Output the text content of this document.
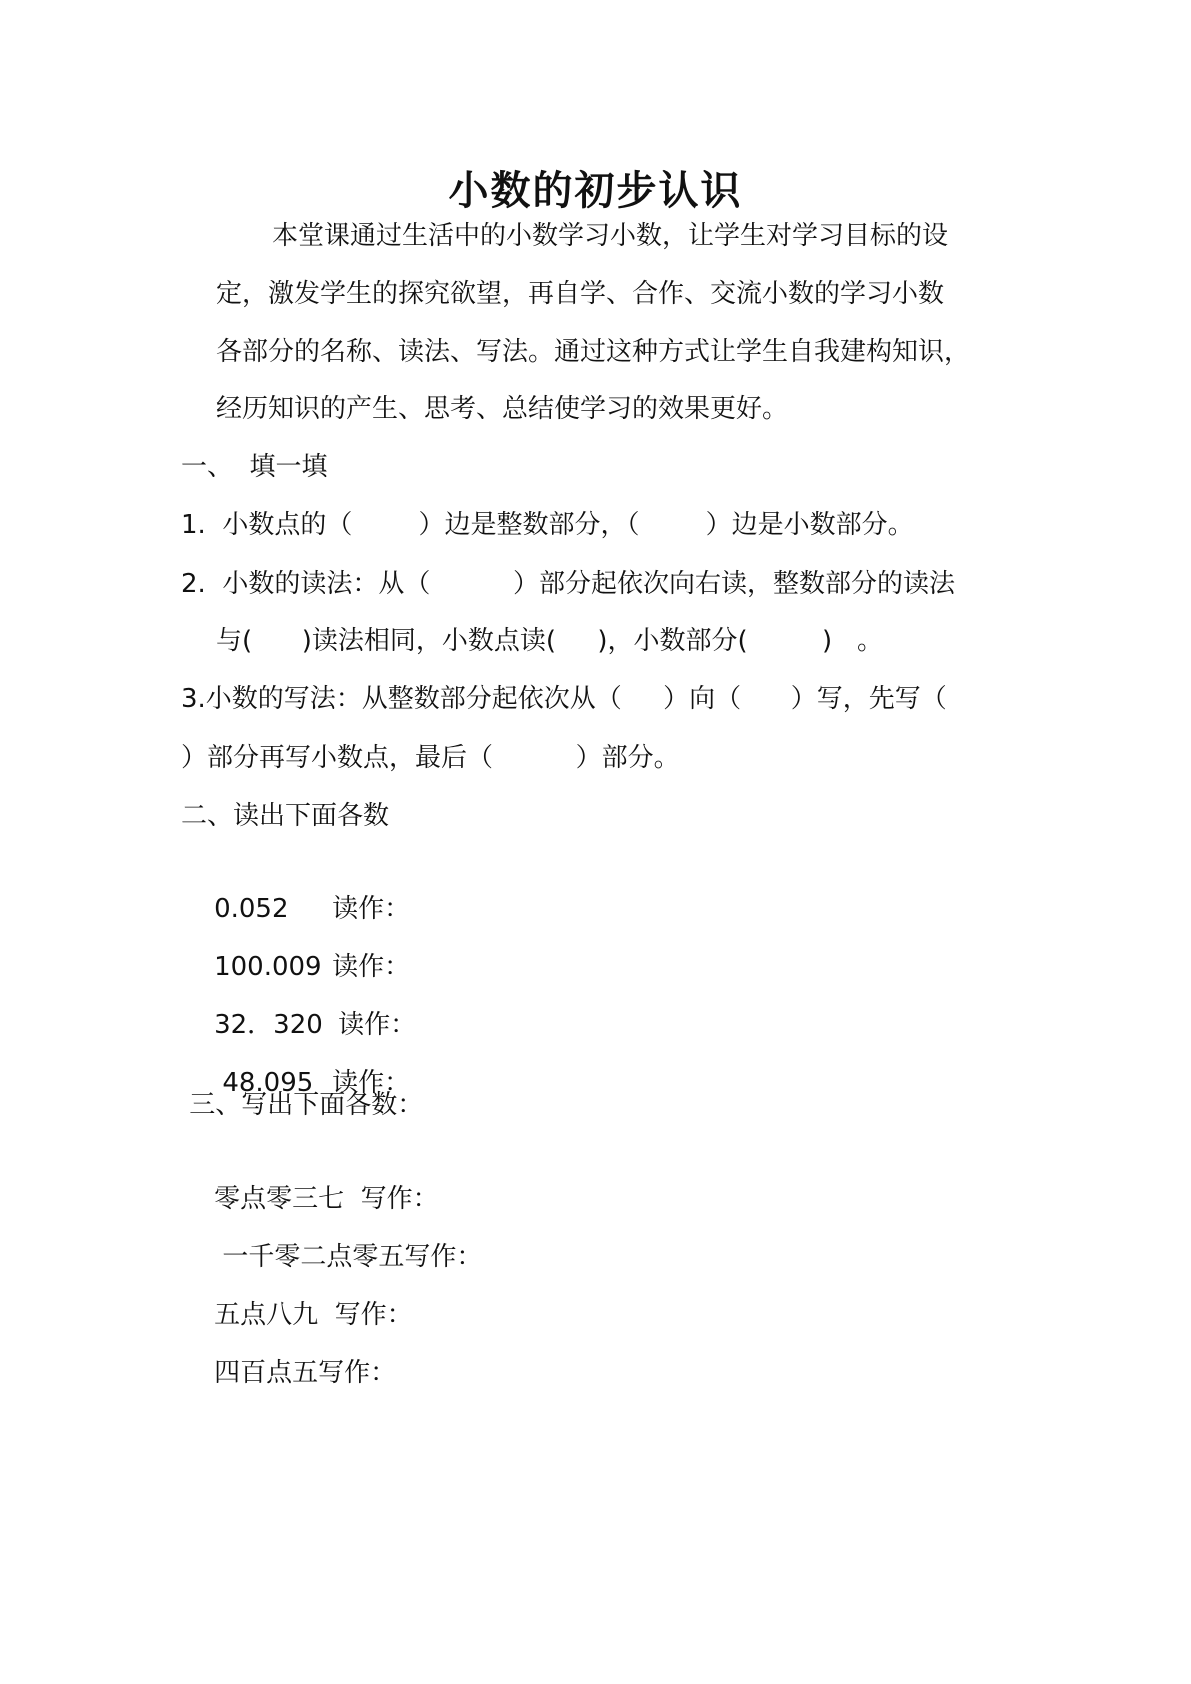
小数的初步认识
本堂课通过生活中的小数学习小数，让学生对学习目标的设
定，激发学生的探究欲望，再自学、合作、交流小数的学习小数
各部分的名称、读法、写法。通过这种方式让学生自我建构知识，
经历知识的产生、思考、总结使学习的效果更好。
一、  填一填
1.  小数点的（        ）边是整数部分，（        ）边是小数部分。
2.  小数的读法：从（          ）部分起依次向右读，整数部分的读法
与(      )读法相同，小数点读(     )，小数部分(         )   。
3.小数的写法：从整数部分起依次从（     ）向（      ）写，先写（
）部分再写小数点，最后（          ）部分。
二、读出下面各数

0.052 读作：

100.009 读作：

32．320 读作：

48.095 读作：

三、写出下面各数：

零点零三七  写作：

一千零二点零五写作：

五点八九  写作：

四百点五写作：
